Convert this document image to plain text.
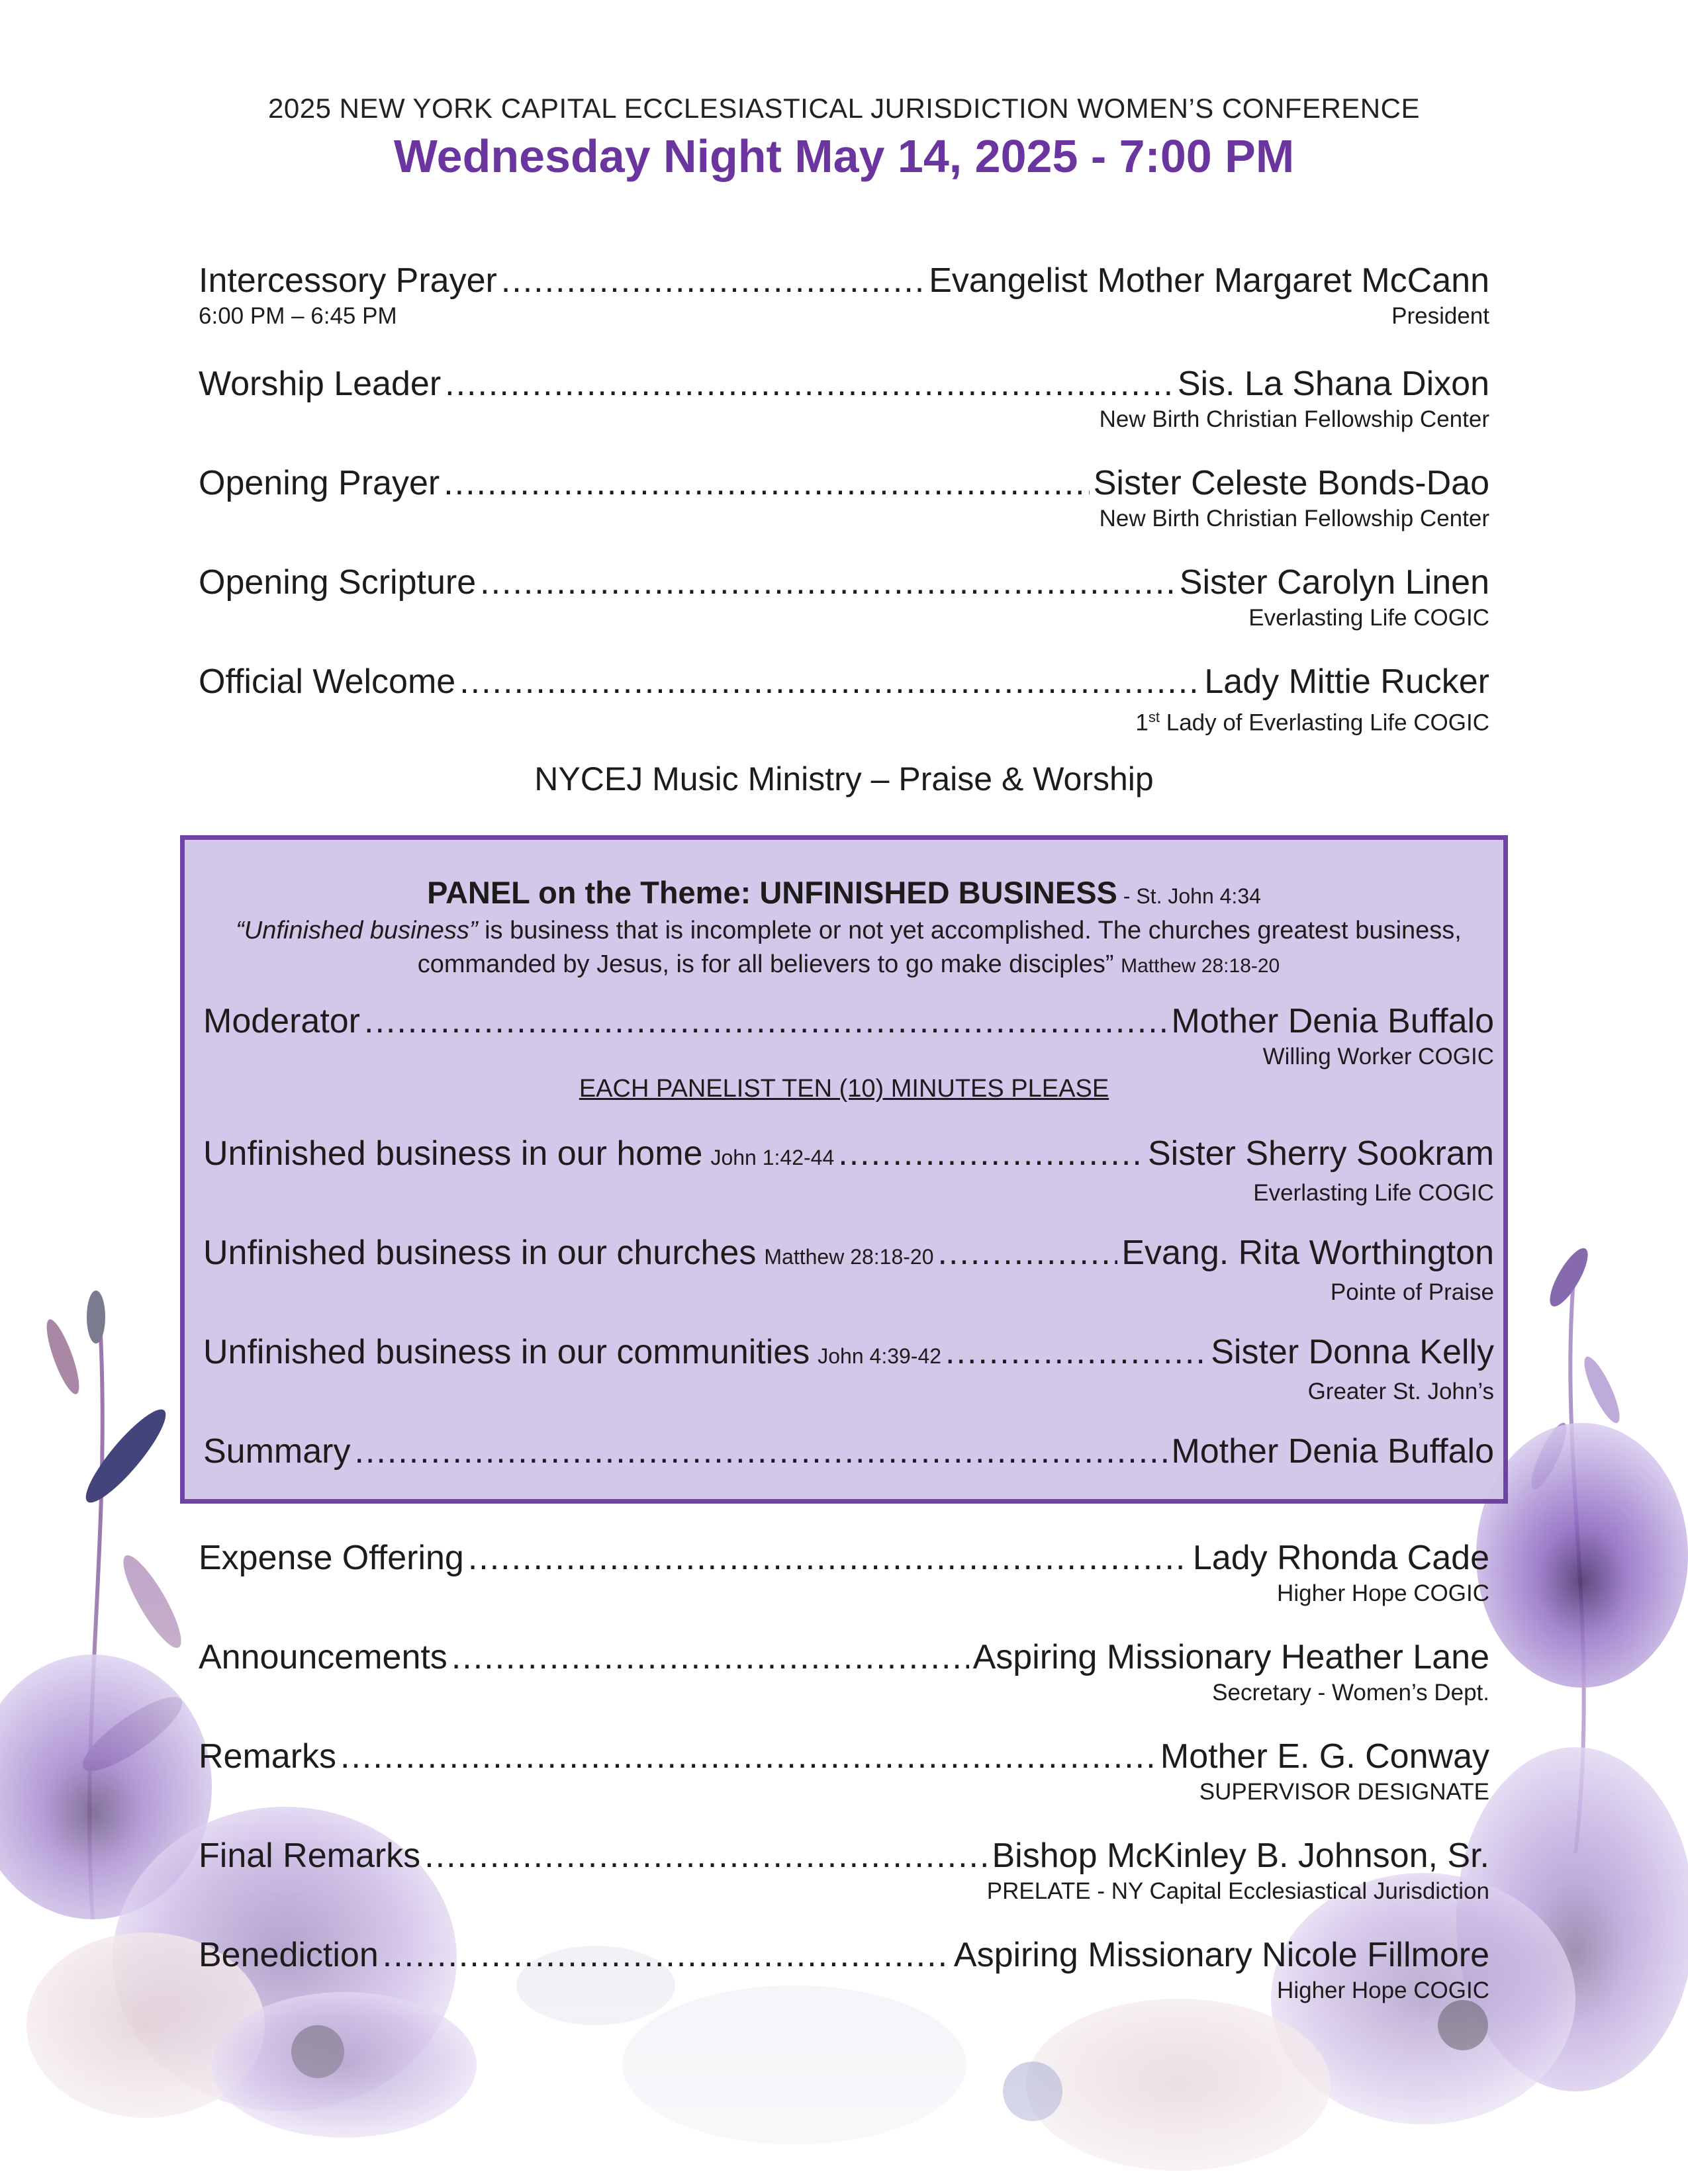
2025 NEW YORK CAPITAL ECCLESIASTICAL JURISDICTION WOMEN’S CONFERENCE
Wednesday Night May 14, 2025 - 7:00 PM
Intercessory Prayer .....	Evangelist Mother Margaret McCann
6:00 PM – 6:45 PM	President
Worship Leader .....	Sis. La Shana Dixon
New Birth Christian Fellowship Center
Opening Prayer .....	Sister Celeste Bonds-Dao
New Birth Christian Fellowship Center
Opening Scripture .....	Sister Carolyn Linen
Everlasting Life COGIC
Official Welcome .....	Lady Mittie Rucker
1st Lady of Everlasting Life COGIC
NYCEJ Music Ministry – Praise & Worship
PANEL on the Theme: UNFINISHED BUSINESS - St. John 4:34
“Unfinished business” is business that is incomplete or not yet accomplished. The churches greatest business, commanded by Jesus, is for all believers to go make disciples” Matthew 28:18-20
Moderator .....	Mother Denia Buffalo
Willing Worker COGIC
EACH PANELIST TEN (10) MINUTES PLEASE
Unfinished business in our home John 1:42-44 .....	Sister Sherry Sookram
Everlasting Life COGIC
Unfinished business in our churches Matthew 28:18-20 .....	Evang. Rita Worthington
Pointe of Praise
Unfinished business in our communities John 4:39-42 .....	Sister Donna Kelly
Greater St. John’s
Summary .....	Mother Denia Buffalo
Expense Offering .....	Lady Rhonda Cade
Higher Hope COGIC
Announcements .....	Aspiring Missionary Heather Lane
Secretary - Women’s Dept.
Remarks .....	Mother E. G. Conway
SUPERVISOR DESIGNATE
Final Remarks .....	Bishop McKinley B. Johnson, Sr.
PRELATE - NY Capital Ecclesiastical Jurisdiction
Benediction .....	Aspiring Missionary Nicole Fillmore
Higher Hope COGIC
